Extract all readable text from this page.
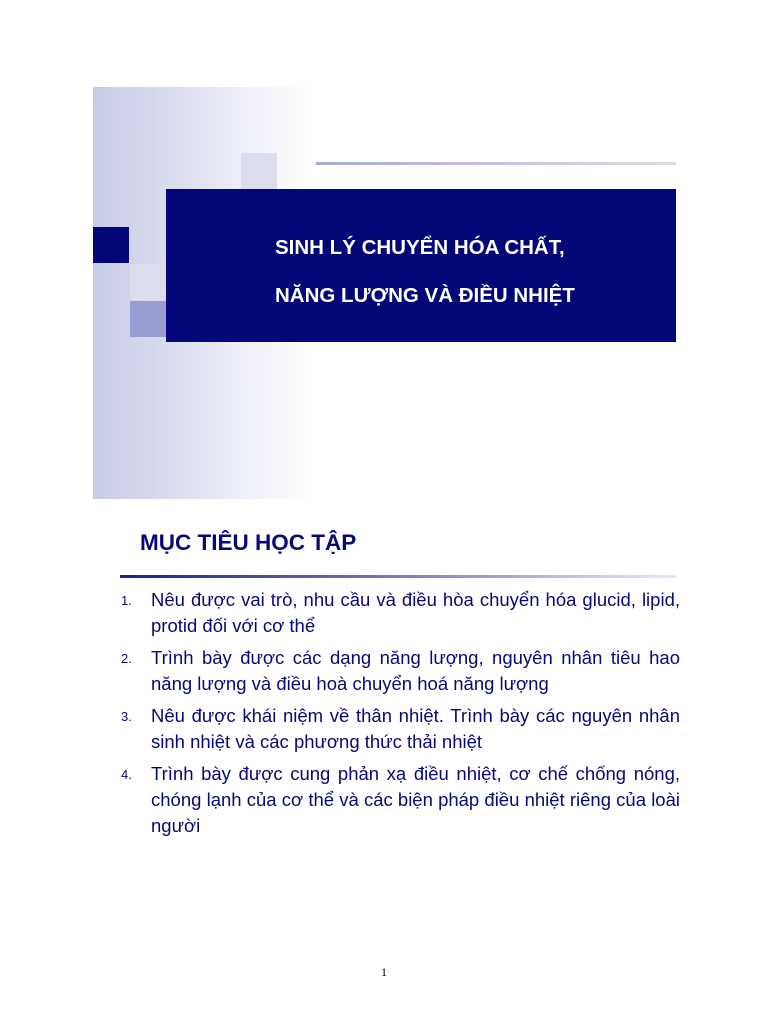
SINH LÝ CHUYỂN HÓA CHẤT,
NĂNG LƯỢNG VÀ ĐIỀU NHIỆT
MỤC TIÊU HỌC TẬP
1. Nêu được vai trò, nhu cầu và điều hòa chuyển hóa glucid, lipid, protid đối với cơ thể
2. Trình bày được các dạng năng lượng, nguyên nhân tiêu hao năng lượng và điều hoà chuyển hoá năng lượng
3. Nêu được khái niệm về thân nhiệt. Trình bày các nguyên nhân sinh nhiệt và các phương thức thải nhiệt
4. Trình bày được cung phản xạ điều nhiệt, cơ chế chống nóng, chóng lạnh của cơ thể và các biện pháp điều nhiệt riêng của loài người
1
